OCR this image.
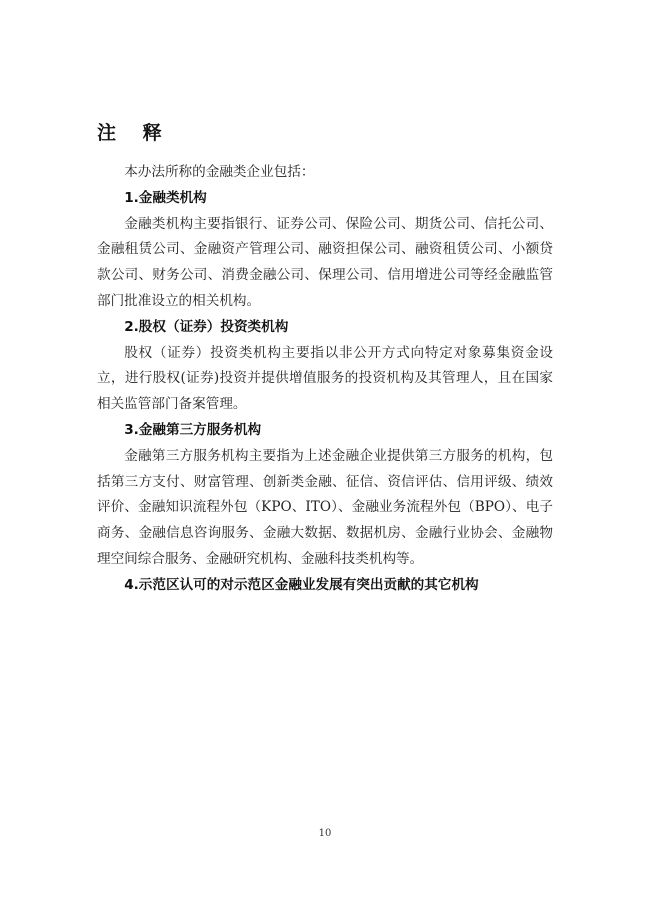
注 释

本办法所称的金融类企业包括：

1.金融类机构

金融类机构主要指银行、证券公司、保险公司、期货公司、信托公司、金融租赁公司、金融资产管理公司、融资担保公司、融资租赁公司、小额贷款公司、财务公司、消费金融公司、保理公司、信用增进公司等经金融监管部门批准设立的相关机构。

2.股权（证券）投资类机构

股权（证券）投资类机构主要指以非公开方式向特定对象募集资金设立，进行股权(证券)投资并提供增值服务的投资机构及其管理人，且在国家相关监管部门备案管理。

3.金融第三方服务机构

金融第三方服务机构主要指为上述金融企业提供第三方服务的机构，包括第三方支付、财富管理、创新类金融、征信、资信评估、信用评级、绩效评价、金融知识流程外包（KPO、ITO）、金融业务流程外包（BPO）、电子商务、金融信息咨询服务、金融大数据、数据机房、金融行业协会、金融物理空间综合服务、金融研究机构、金融科技类机构等。

4.示范区认可的对示范区金融业发展有突出贡献的其它机构

10
